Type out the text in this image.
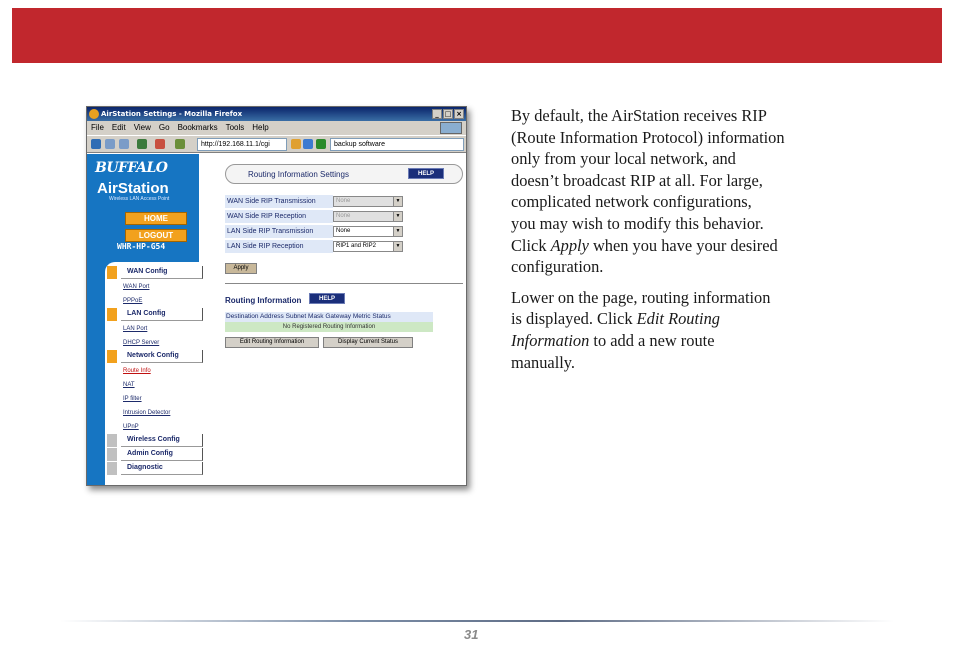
AirStation Settings - Mozilla Firefox	_ □ ×
File Edit View Go Bookmarks Tools Help
http://192.168.11.1/cgi	backup software
BUFFALO
AirStation
Wireless LAN Access Point
HOME
LOGOUT
WHR-HP-G54
WAN Config
WAN Port
PPPoE
LAN Config
LAN Port
DHCP Server
Network Config
Route Info
NAT
IP filter
Intrusion Detector
UPnP
Wireless Config
Admin Config
Diagnostic
Routing Information Settings	HELP
WAN Side RIP Transmission	None	▼
WAN Side RIP Reception	None	▼
LAN Side RIP Transmission	None	▼
LAN Side RIP Reception	RIP1 and RIP2	▼
Apply
Routing Information	HELP
Destination Address Subnet Mask Gateway Metric Status
No Registered Routing Information
Edit Routing Information	Display Current Status

By default, the AirStation receives RIP
(Route Information Protocol) information
only from your local network, and
doesn’t broadcast RIP at all. For large,
complicated network configurations,
you may wish to modify this behavior.
Click Apply when you have your desired
configuration.

Lower on the page, routing information
is displayed. Click Edit Routing
Information to add a new route
manually.

31
